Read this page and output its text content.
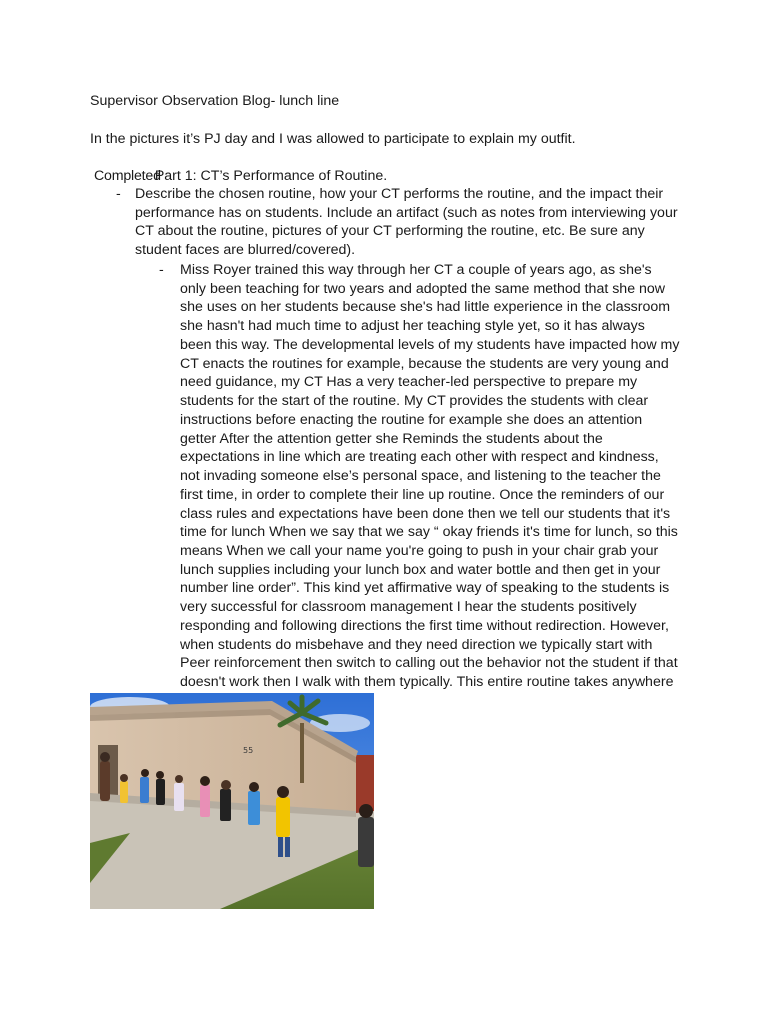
Supervisor Observation Blog- lunch line
In the pictures it’s PJ day and I was allowed to participate to explain my outfit.
CompletedPart 1: CT’s Performance of Routine.
- Describe the chosen routine, how your CT performs the routine, and the impact their performance has on students. Include an artifact (such as notes from interviewing your CT about the routine, pictures of your CT performing the routine, etc. Be sure any student faces are blurred/covered).
- Miss Royer trained this way through her CT a couple of years ago, as she's only been teaching for two years and adopted the same method that she now she uses on her students because she's had little experience in the classroom she hasn't had much time to adjust her teaching style yet, so it has always been this way. The developmental levels of my students have impacted how my CT enacts the routines for example, because the students are very young and need guidance, my CT Has a very teacher-led perspective to prepare my students for the start of the routine. My CT provides the students with clear instructions before enacting the routine for example she does an attention getter After the attention getter she Reminds the students about the expectations in line which are treating each other with respect and kindness, not invading someone else’s personal space, and listening to the teacher the first time, in order to complete their line up routine. Once the reminders of our class rules and expectations have been done then we tell our students that it's time for lunch When we say that we say “ okay friends it's time for lunch, so this means When we call your name you're going to push in your chair grab your lunch supplies including your lunch box and water bottle and then get in your number line order”. This kind yet affirmative way of speaking to the students is very successful for classroom management I hear the students positively responding and following directions the first time without redirection. However, when students do misbehave and they need direction we typically start with Peer reinforcement then switch to calling out the behavior not the student if that doesn't work then I walk with them typically. This entire routine takes anywhere
55
